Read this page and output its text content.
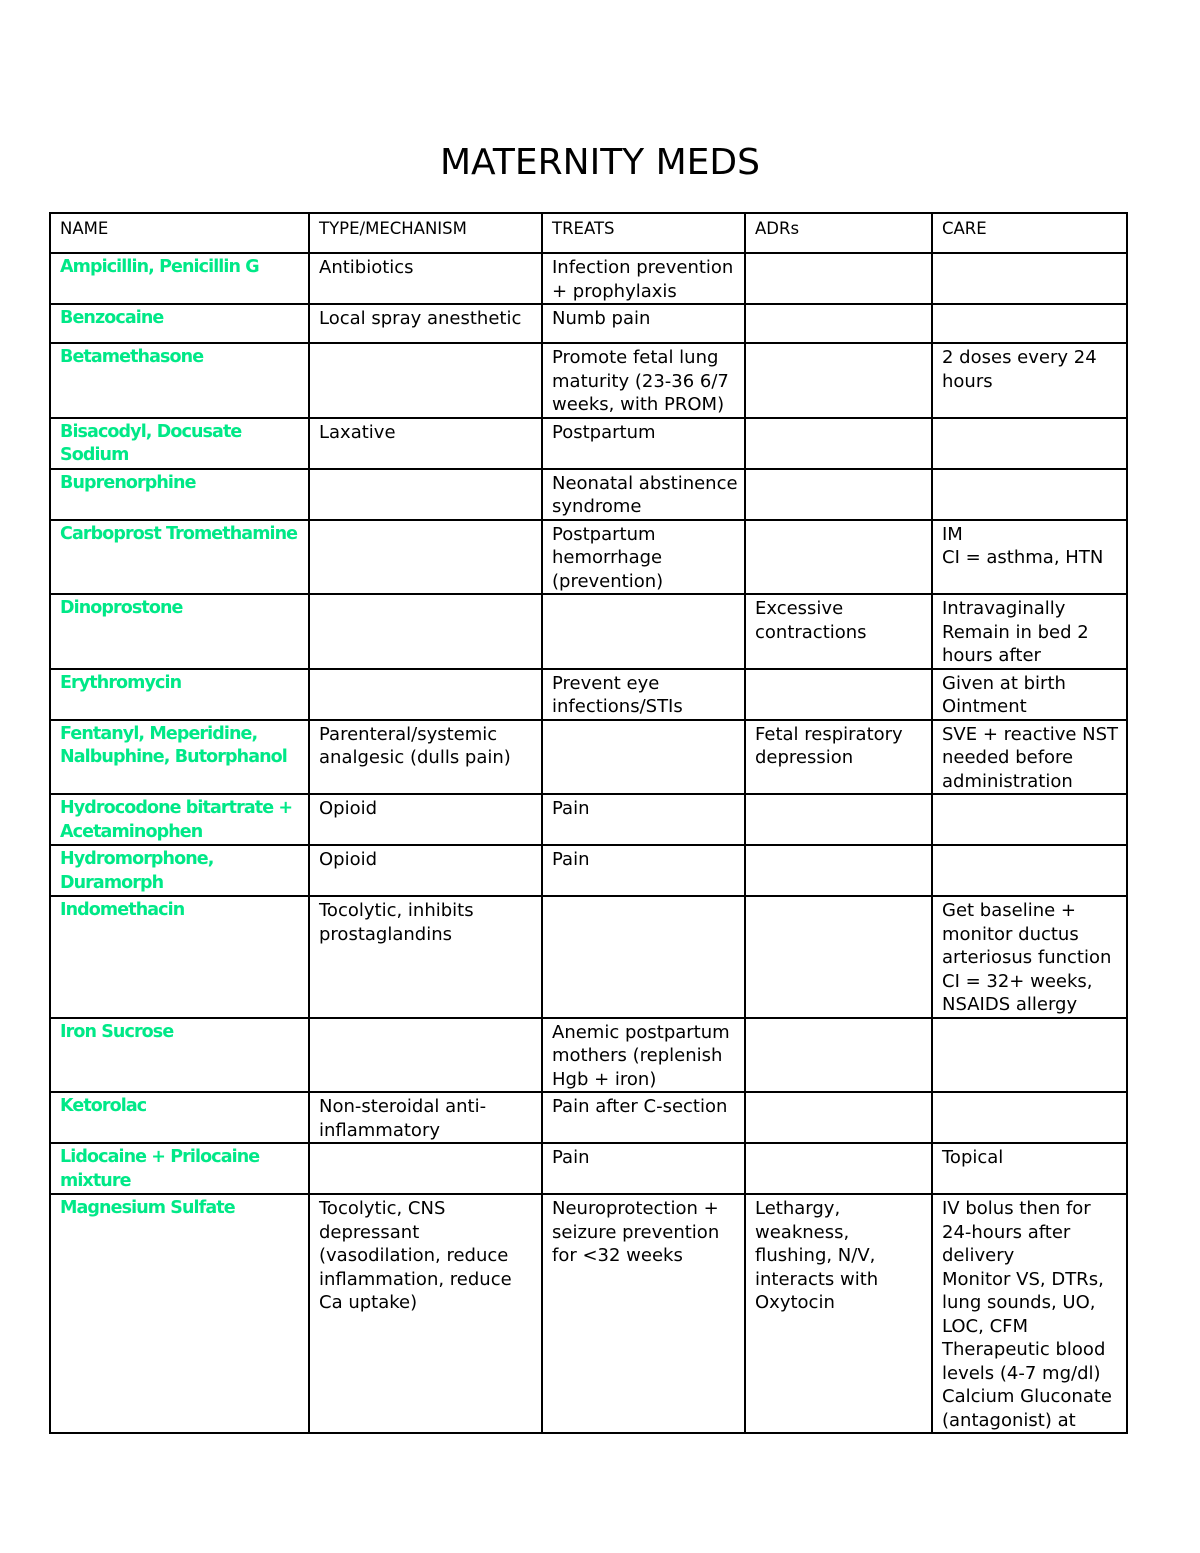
MATERNITY MEDS
NAME	TYPE/MECHANISM	TREATS	ADRs	CARE
Ampicillin, Penicillin G	Antibiotics	Infection prevention + prophylaxis		
Benzocaine	Local spray anesthetic	Numb pain		
Betamethasone		Promote fetal lung maturity (23-36 6/7 weeks, with PROM)		2 doses every 24 hours
Bisacodyl, Docusate Sodium	Laxative	Postpartum		
Buprenorphine		Neonatal abstinence syndrome		
Carboprost Tromethamine		Postpartum hemorrhage (prevention)		IM
CI = asthma, HTN
Dinoprostone			Excessive contractions	Intravaginally
Remain in bed 2 hours after
Erythromycin		Prevent eye infections/STIs		Given at birth
Ointment
Fentanyl, Meperidine, Nalbuphine, Butorphanol	Parenteral/systemic analgesic (dulls pain)		Fetal respiratory depression	SVE + reactive NST needed before administration
Hydrocodone bitartrate + Acetaminophen	Opioid	Pain		
Hydromorphone, Duramorph	Opioid	Pain		
Indomethacin	Tocolytic, inhibits prostaglandins			Get baseline + monitor ductus arteriosus function
CI = 32+ weeks, NSAIDS allergy
Iron Sucrose		Anemic postpartum mothers (replenish Hgb + iron)		
Ketorolac	Non-steroidal anti-inflammatory	Pain after C-section		
Lidocaine + Prilocaine mixture		Pain		Topical
Magnesium Sulfate	Tocolytic, CNS depressant (vasodilation, reduce inflammation, reduce Ca uptake)	Neuroprotection + seizure prevention for <32 weeks	Lethargy, weakness, flushing, N/V, interacts with Oxytocin	IV bolus then for 24-hours after delivery
Monitor VS, DTRs, lung sounds, UO, LOC, CFM
Therapeutic blood levels (4-7 mg/dl)
Calcium Gluconate (antagonist) at
